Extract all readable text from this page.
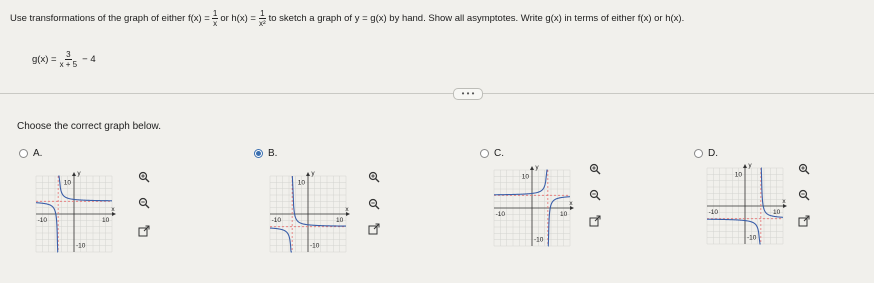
Use transformations of the graph of either $f(x) = \frac{1}{x}$ or $h(x) = \frac{1}{\text{x²}}$ to sketch a graph of y = g(x) by hand. Show all asymptotes. Write g(x) in terms of either f(x) or h(x).
$g(x) = \frac{3}{x + 5} - 4$
• • •
Choose the correct graph below.
A.	B.	C.	D.
y
x
10
-10	10
-10
y
x
10
-10	10
-10
y
x
10
-10	10
-10
y
x
10
-10	10
-10
